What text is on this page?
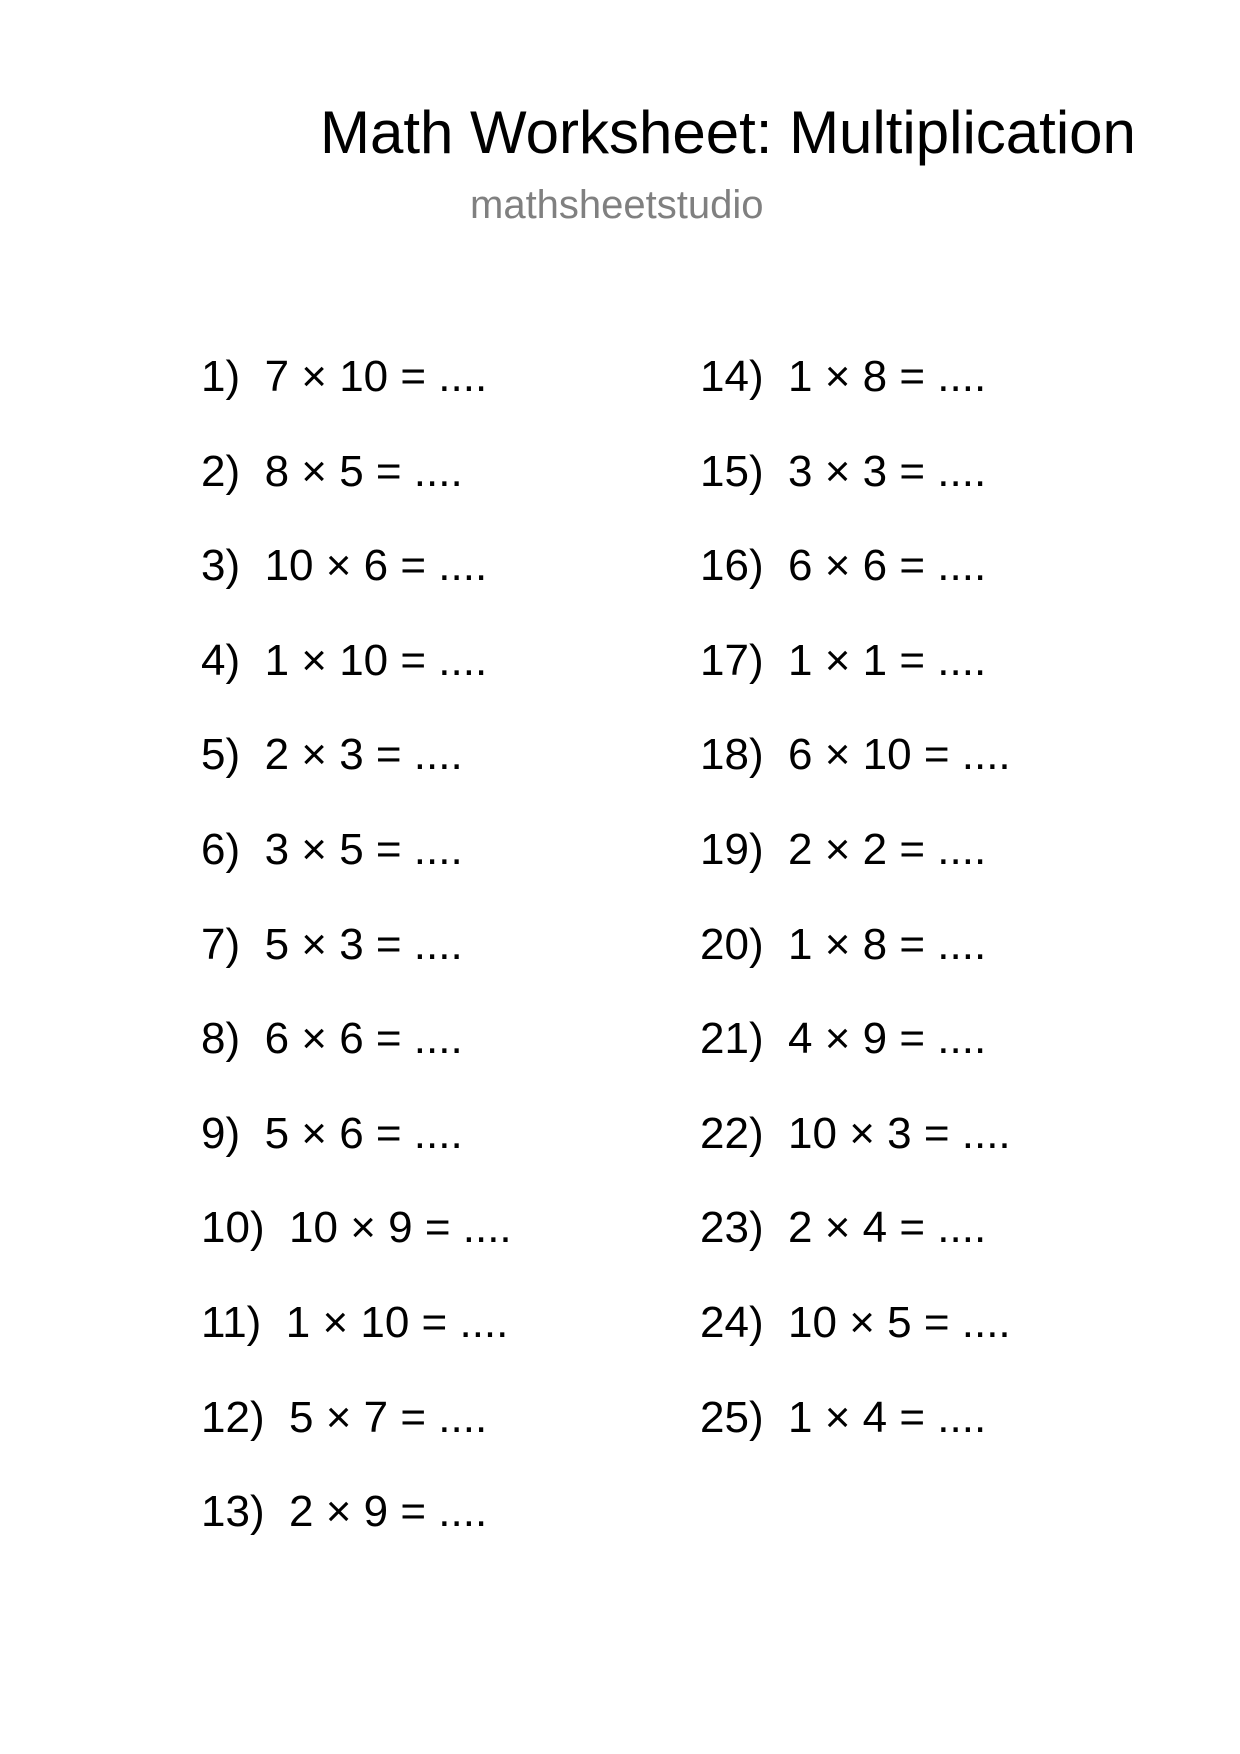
Math Worksheet: Multiplication
mathsheetstudio
1)  7 × 10 = ....
2)  8 × 5 = ....
3)  10 × 6 = ....
4)  1 × 10 = ....
5)  2 × 3 = ....
6)  3 × 5 = ....
7)  5 × 3 = ....
8)  6 × 6 = ....
9)  5 × 6 = ....
10)  10 × 9 = ....
11)  1 × 10 = ....
12)  5 × 7 = ....
13)  2 × 9 = ....
14)  1 × 8 = ....
15)  3 × 3 = ....
16)  6 × 6 = ....
17)  1 × 1 = ....
18)  6 × 10 = ....
19)  2 × 2 = ....
20)  1 × 8 = ....
21)  4 × 9 = ....
22)  10 × 3 = ....
23)  2 × 4 = ....
24)  10 × 5 = ....
25)  1 × 4 = ....
